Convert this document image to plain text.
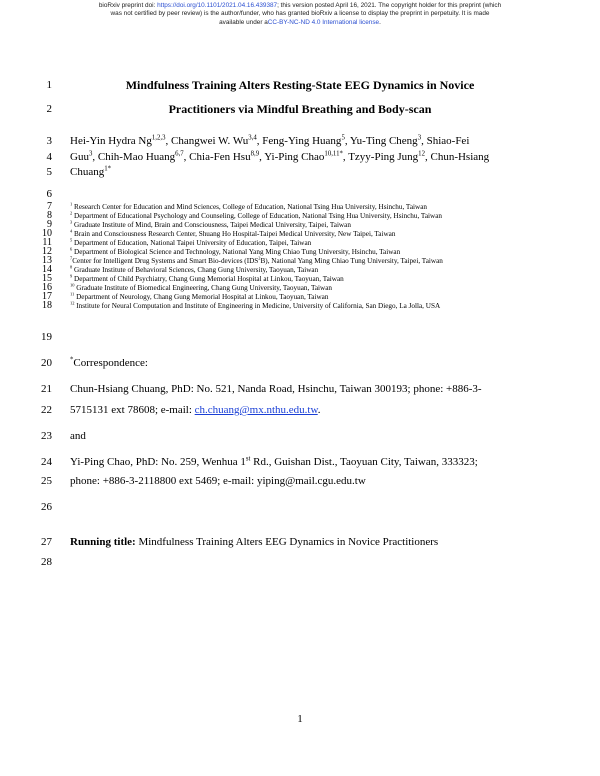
bioRxiv preprint doi: https://doi.org/10.1101/2021.04.16.439387; this version posted April 16, 2021. The copyright holder for this preprint (which
was not certified by peer review) is the author/funder, who has granted bioRxiv a license to display the preprint in perpetuity. It is made
available under aCC-BY-NC-ND 4.0 International license.
1
2
3
4
5
6
7
8
9
10
11
12
13
14
15
16
17
18
19
20
21
22
23
24
25
26
27
28
Mindfulness Training Alters Resting-State EEG Dynamics in Novice
Practitioners via Mindful Breathing and Body-scan
Hei-Yin Hydra Ng$^{1,2,3}$, Changwei W. Wu$^{3,4}$, Feng-Ying Huang$^5$, Yu-Ting Cheng$^3$, Shiao-Fei
Guu$^3$, Chih-Mao Huang$^{6,7}$, Chia-Fen Hsu$^{8,9}$, Yi-Ping Chao$^{10,11*}$, Tzyy-Ping Jung$^{12}$, Chun-Hsiang
Chuang$^{1*}$
$^1$ Research Center for Education and Mind Sciences, College of Education, National Tsing Hua University, Hsinchu, Taiwan
$^2$ Department of Educational Psychology and Counseling, College of Education, National Tsing Hua University, Hsinchu, Taiwan
$^3$ Graduate Institute of Mind, Brain and Consciousness, Taipei Medical University, Taipei, Taiwan
$^4$ Brain and Consciousness Research Center, Shuang Ho Hospital-Taipei Medical University, New Taipei, Taiwan
$^5$ Department of Education, National Taipei University of Education, Taipei, Taiwan
$^6$ Department of Biological Science and Technology, National Yang Ming Chiao Tung University, Hsinchu, Taiwan
$^7$Center for Intelligent Drug Systems and Smart Bio-devices (IDS$^2$B), National Yang Ming Chiao Tung University, Taipei, Taiwan
$^8$ Graduate Institute of Behavioral Sciences, Chang Gung University, Taoyuan, Taiwan
$^9$ Department of Child Psychiatry, Chang Gung Memorial Hospital at Linkou, Taoyuan, Taiwan
$^{10}$ Graduate Institute of Biomedical Engineering, Chang Gung University, Taoyuan, Taiwan
$^{11}$ Department of Neurology, Chang Gung Memorial Hospital at Linkou, Taoyuan, Taiwan
$^{12}$ Institute for Neural Computation and Institute of Engineering in Medicine, University of California, San Diego, La Jolla, USA
*Correspondence:
Chun-Hsiang Chuang, PhD: No. 521, Nanda Road, Hsinchu, Taiwan 300193; phone: +886-3-
5715131 ext 78608; e-mail: ch.chuang@mx.nthu.edu.tw.
and
Yi-Ping Chao, PhD: No. 259, Wenhua 1st Rd., Guishan Dist., Taoyuan City, Taiwan, 333323;
phone: +886-3-2118800 ext 5469; e-mail: yiping@mail.cgu.edu.tw
Running title: Mindfulness Training Alters EEG Dynamics in Novice Practitioners
1
